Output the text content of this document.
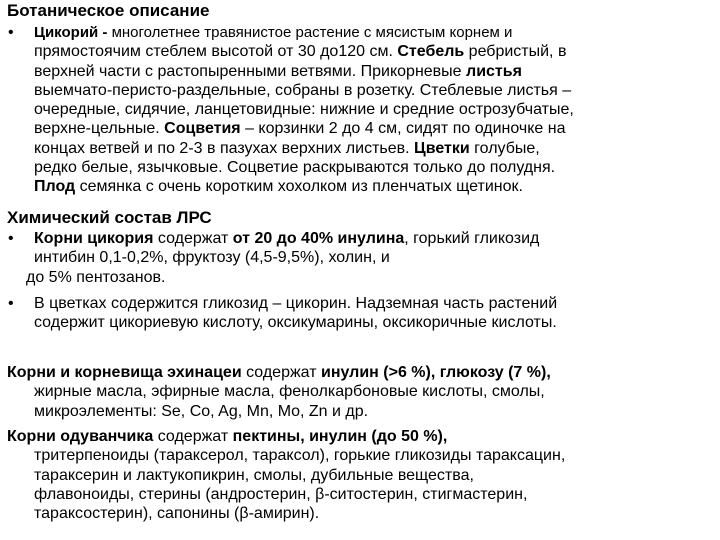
Ботаническое описание
• Цикорий - многолетнее травянистое растение с мясистым корнем и
прямостоячим стеблем высотой от 30 до120 см. Стебель ребристый, в
верхней части с растопыренными ветвями. Прикорневые листья
выемчато-перисто-раздельные, собраны в розетку. Стеблевые листья –
очередные, сидячие, ланцетовидные: нижние и средние острозубчатые,
верхне-цельные. Соцветия – корзинки 2 до 4 см, сидят по одиночке на
концах ветвей и по 2-3 в пазухах верхних листьев. Цветки голубые,
редко белые, язычковые. Соцветие раскрываются только до полудня.
Плод семянка с очень коротким хохолком из пленчатых щетинок.
Химический состав ЛРС
• Корни цикория содержат от 20 до 40% инулина, горький гликозид
интибин 0,1-0,2%, фруктозу (4,5-9,5%), холин, и
до 5% пентозанов.
• В цветках содержится гликозид – цикорин. Надземная часть растений
содержит цикориевую кислоту, оксикумарины, оксикоричные кислоты.
Корни и корневища эхинацеи содержат инулин (>6 %), глюкозу (7 %),
жирные масла, эфирные масла, фенолкарбоновые кислоты, смолы,
микроэлементы: Se, Co, Ag, Mn, Mo, Zn и др.
Корни одуванчика содержат пектины, инулин (до 50 %),
тритерпеноиды (тараксерол, тараксол), горькие гликозиды тараксацин,
тараксерин и лактукопикрин, смолы, дубильные вещества,
флавоноиды, стерины (андростерин, β-ситостерин, стигмастерин,
тараксостерин), сапонины (β-амирин).
